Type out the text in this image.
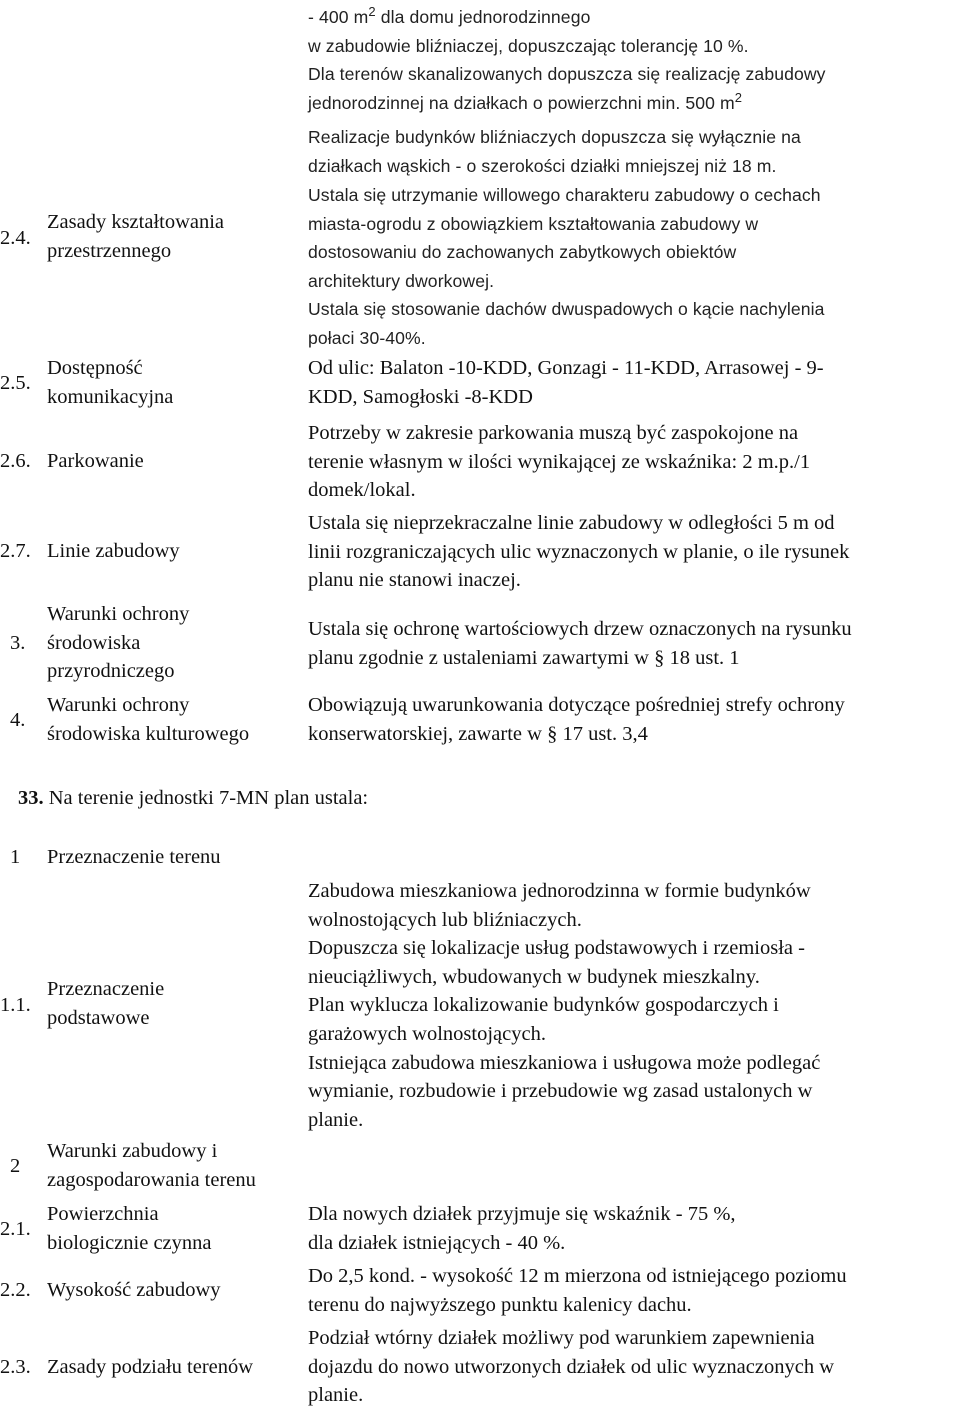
- 400 $m^2$ dla domu jednorodzinnego
w zabudowie bliźniaczej, dopuszczając tolerancję 10 %.
Dla terenów skanalizowanych dopuszcza się realizację zabudowy
jednorodzinnej na działkach o powierzchni min. 500 $m^2$
Realizacje budynków bliźniaczych dopuszcza się wyłącznie na
działkach wąskich - o szerokości działki mniejszej niż 18 m.
2.4.
Zasady kształtowania
przestrzennego
Ustala się utrzymanie willowego charakteru zabudowy o cechach
miasta-ogrodu z obowiązkiem kształtowania zabudowy w
dostosowaniu do zachowanych zabytkowych obiektów
architektury dworkowej.
Ustala się stosowanie dachów dwuspadowych o kącie nachylenia
połaci 30-40%.
2.5.
Dostępność
komunikacyjna
Od ulic: Balaton -10-KDD, Gonzagi - 11-KDD, Arrasowej - 9-
KDD, Samogłoski -8-KDD
2.6. Parkowanie
Potrzeby w zakresie parkowania muszą być zaspokojone na
terenie własnym w ilości wynikającej ze wskaźnika: 2 m.p./1
domek/lokal.
2.7. Linie zabudowy
Ustala się nieprzekraczalne linie zabudowy w odległości 5 m od
linii rozgraniczających ulic wyznaczonych w planie, o ile rysunek
planu nie stanowi inaczej.
3.
Warunki ochrony
środowiska
przyrodniczego
Ustala się ochronę wartościowych drzew oznaczonych na rysunku
planu zgodnie z ustaleniami zawartymi w § 18 ust. 1
4.
Warunki ochrony
środowiska kulturowego
Obowiązują uwarunkowania dotyczące pośredniej strefy ochrony
konserwatorskiej, zawarte w § 17 ust. 3,4
33. Na terenie jednostki 7-MN plan ustala:
1 Przeznaczenie terenu
1.1.
Przeznaczenie
podstawowe
Zabudowa mieszkaniowa jednorodzinna w formie budynków
wolnostojących lub bliźniaczych.
Dopuszcza się lokalizacje usług podstawowych i rzemiosła -
nieuciążliwych, wbudowanych w budynek mieszkalny.
Plan wyklucza lokalizowanie budynków gospodarczych i
garażowych wolnostojących.
Istniejąca zabudowa mieszkaniowa i usługowa może podlegać
wymianie, rozbudowie i przebudowie wg zasad ustalonych w
planie.
2
Warunki zabudowy i
zagospodarowania terenu
2.1.
Powierzchnia
biologicznie czynna
Dla nowych działek przyjmuje się wskaźnik - 75 %,
dla działek istniejących - 40 %.
2.2. Wysokość zabudowy
Do 2,5 kond. - wysokość 12 m mierzona od istniejącego poziomu
terenu do najwyższego punktu kalenicy dachu.
2.3. Zasady podziału terenów
Podział wtórny działek możliwy pod warunkiem zapewnienia
dojazdu do nowo utworzonych działek od ulic wyznaczonych w
planie.
